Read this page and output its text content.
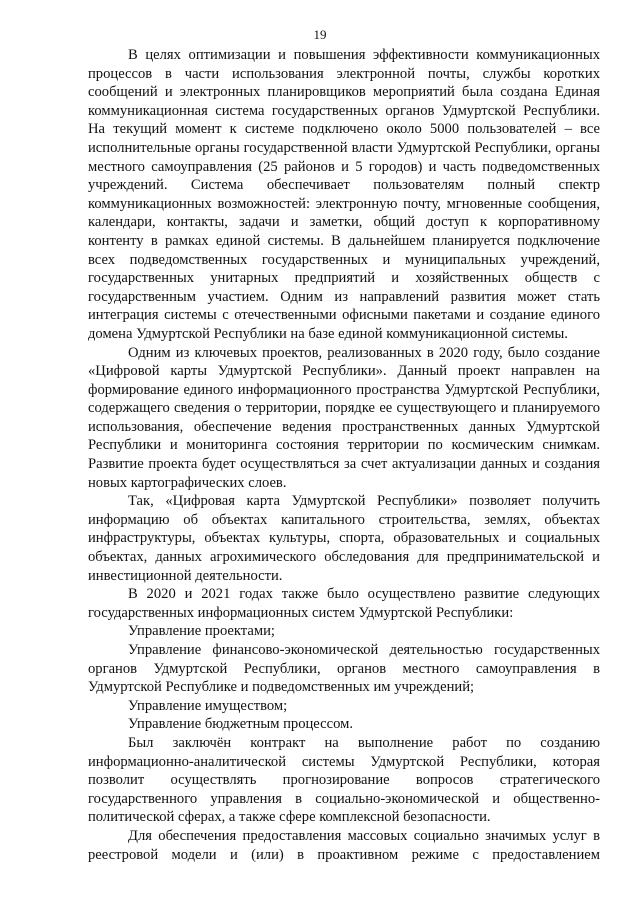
19

В целях оптимизации и повышения эффективности коммуникационных процессов в части использования электронной почты, службы коротких сообщений и электронных планировщиков мероприятий была создана Единая коммуникационная система государственных органов Удмуртской Республики. На текущий момент к системе подключено около 5000 пользователей – все исполнительные органы государственной власти Удмуртской Республики, органы местного самоуправления (25 районов и 5 городов) и часть подведомственных учреждений. Система обеспечивает пользователям полный спектр коммуникационных возможностей: электронную почту, мгновенные сообщения, календари, контакты, задачи и заметки, общий доступ к корпоративному контенту в рамках единой системы. В дальнейшем планируется подключение всех подведомственных государственных и муниципальных учреждений, государственных унитарных предприятий и хозяйственных обществ с государственным участием. Одним из направлений развития может стать интеграция системы с отечественными офисными пакетами и создание единого домена Удмуртской Республики на базе единой коммуникационной системы.

Одним из ключевых проектов, реализованных в 2020 году, было создание «Цифровой карты Удмуртской Республики». Данный проект направлен на формирование единого информационного пространства Удмуртской Республики, содержащего сведения о территории, порядке ее существующего и планируемого использования, обеспечение ведения пространственных данных Удмуртской Республики и мониторинга состояния территории по космическим снимкам. Развитие проекта будет осуществляться за счет актуализации данных и создания новых картографических слоев.

Так, «Цифровая карта Удмуртской Республики» позволяет получить информацию об объектах капитального строительства, землях, объектах инфраструктуры, объектах культуры, спорта, образовательных и социальных объектах, данных агрохимического обследования для предпринимательской и инвестиционной деятельности.

В 2020 и 2021 годах также было осуществлено развитие следующих государственных информационных систем Удмуртской Республики:

Управление проектами;

Управление финансово-экономической деятельностью государственных органов Удмуртской Республики, органов местного самоуправления в Удмуртской Республике и подведомственных им учреждений;

Управление имуществом;

Управление бюджетным процессом.

Был заключён контракт на выполнение работ по созданию информационно-аналитической системы Удмуртской Республики, которая позволит осуществлять прогнозирование вопросов стратегического государственного управления в социально-экономической и общественно-политической сферах, а также сфере комплексной безопасности.

Для обеспечения предоставления массовых социально значимых услуг в реестровой модели и (или) в проактивном режиме с предоставлением
